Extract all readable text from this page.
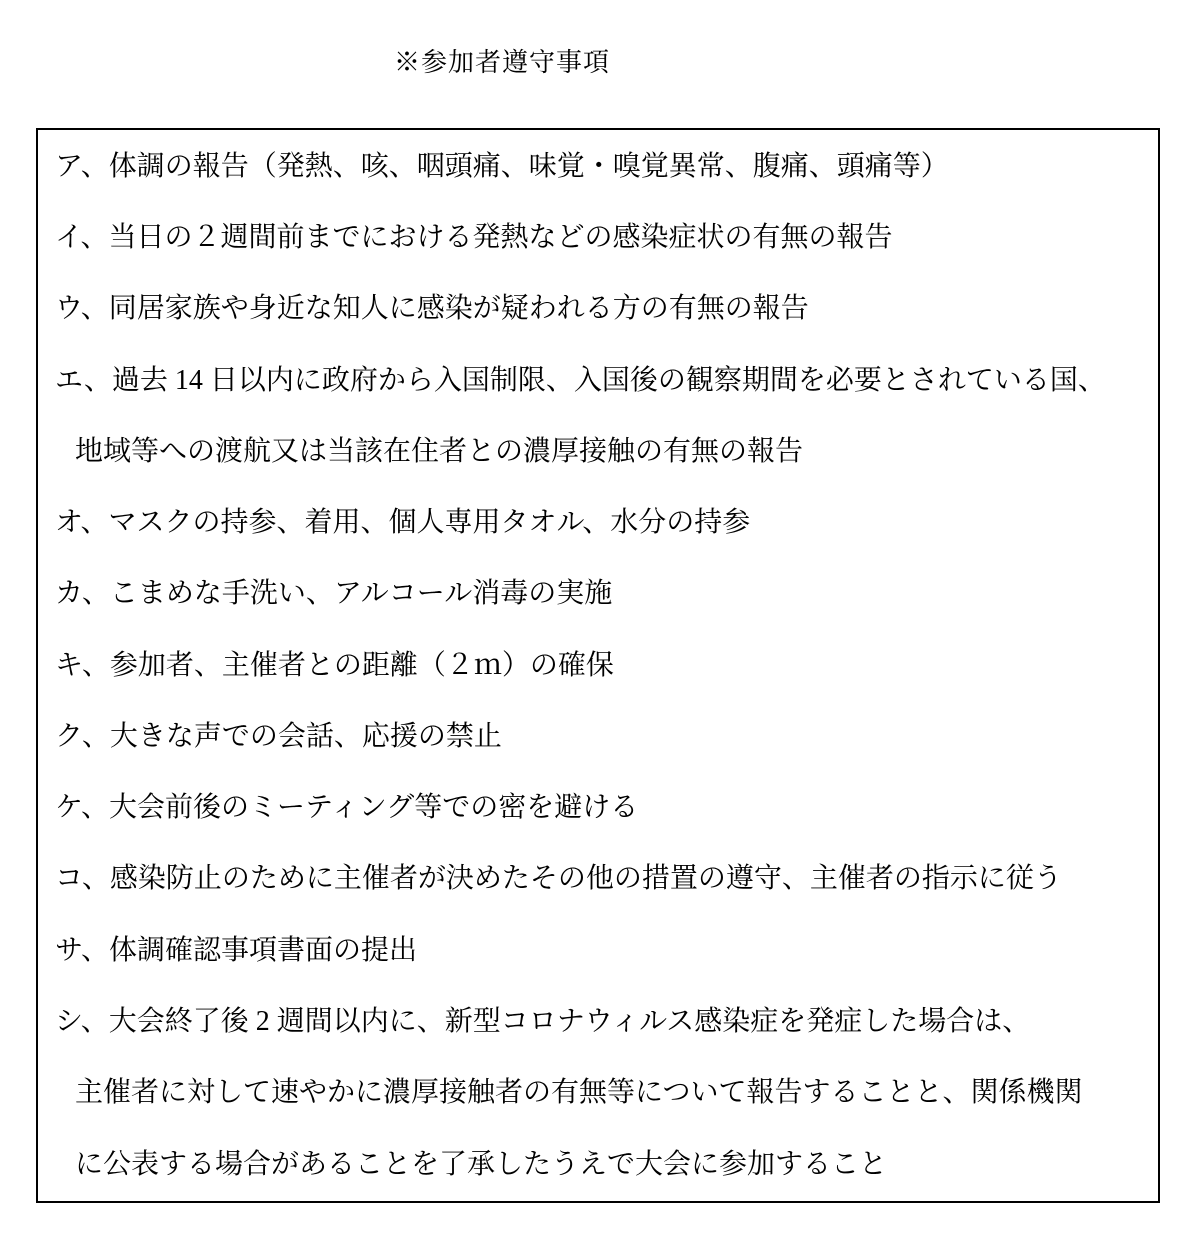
※参加者遵守事項
ア、 体調の報告（発熱、咳、咽頭痛、味覚・嗅覚異常、腹痛、頭痛等）
イ、 当日の２週間前までにおける発熱などの感染症状の有無の報告
ウ、 同居家族や身近な知人に感染が疑われる方の有無の報告
エ、 過去 14 日以内に政府から入国制限、入国後の観察期間を必要とされている国、
地域等への渡航又は当該在住者との濃厚接触の有無の報告
オ、 マスクの持参、着用、個人専用タオル、水分の持参
カ、 こまめな手洗い、アルコール消毒の実施
キ、 参加者、主催者との距離（２ｍ）の確保
ク、 大きな声での会話、応援の禁止
ケ、 大会前後のミーティング等での密を避ける
コ、 感染防止のために主催者が決めたその他の措置の遵守、主催者の指示に従う
サ、 体調確認事項書面の提出
シ、 大会終了後 2 週間以内に、新型コロナウィルス感染症を発症した場合は、
主催者に対して速やかに濃厚接触者の有無等について報告することと、関係機関
に公表する場合があることを了承したうえで大会に参加すること
